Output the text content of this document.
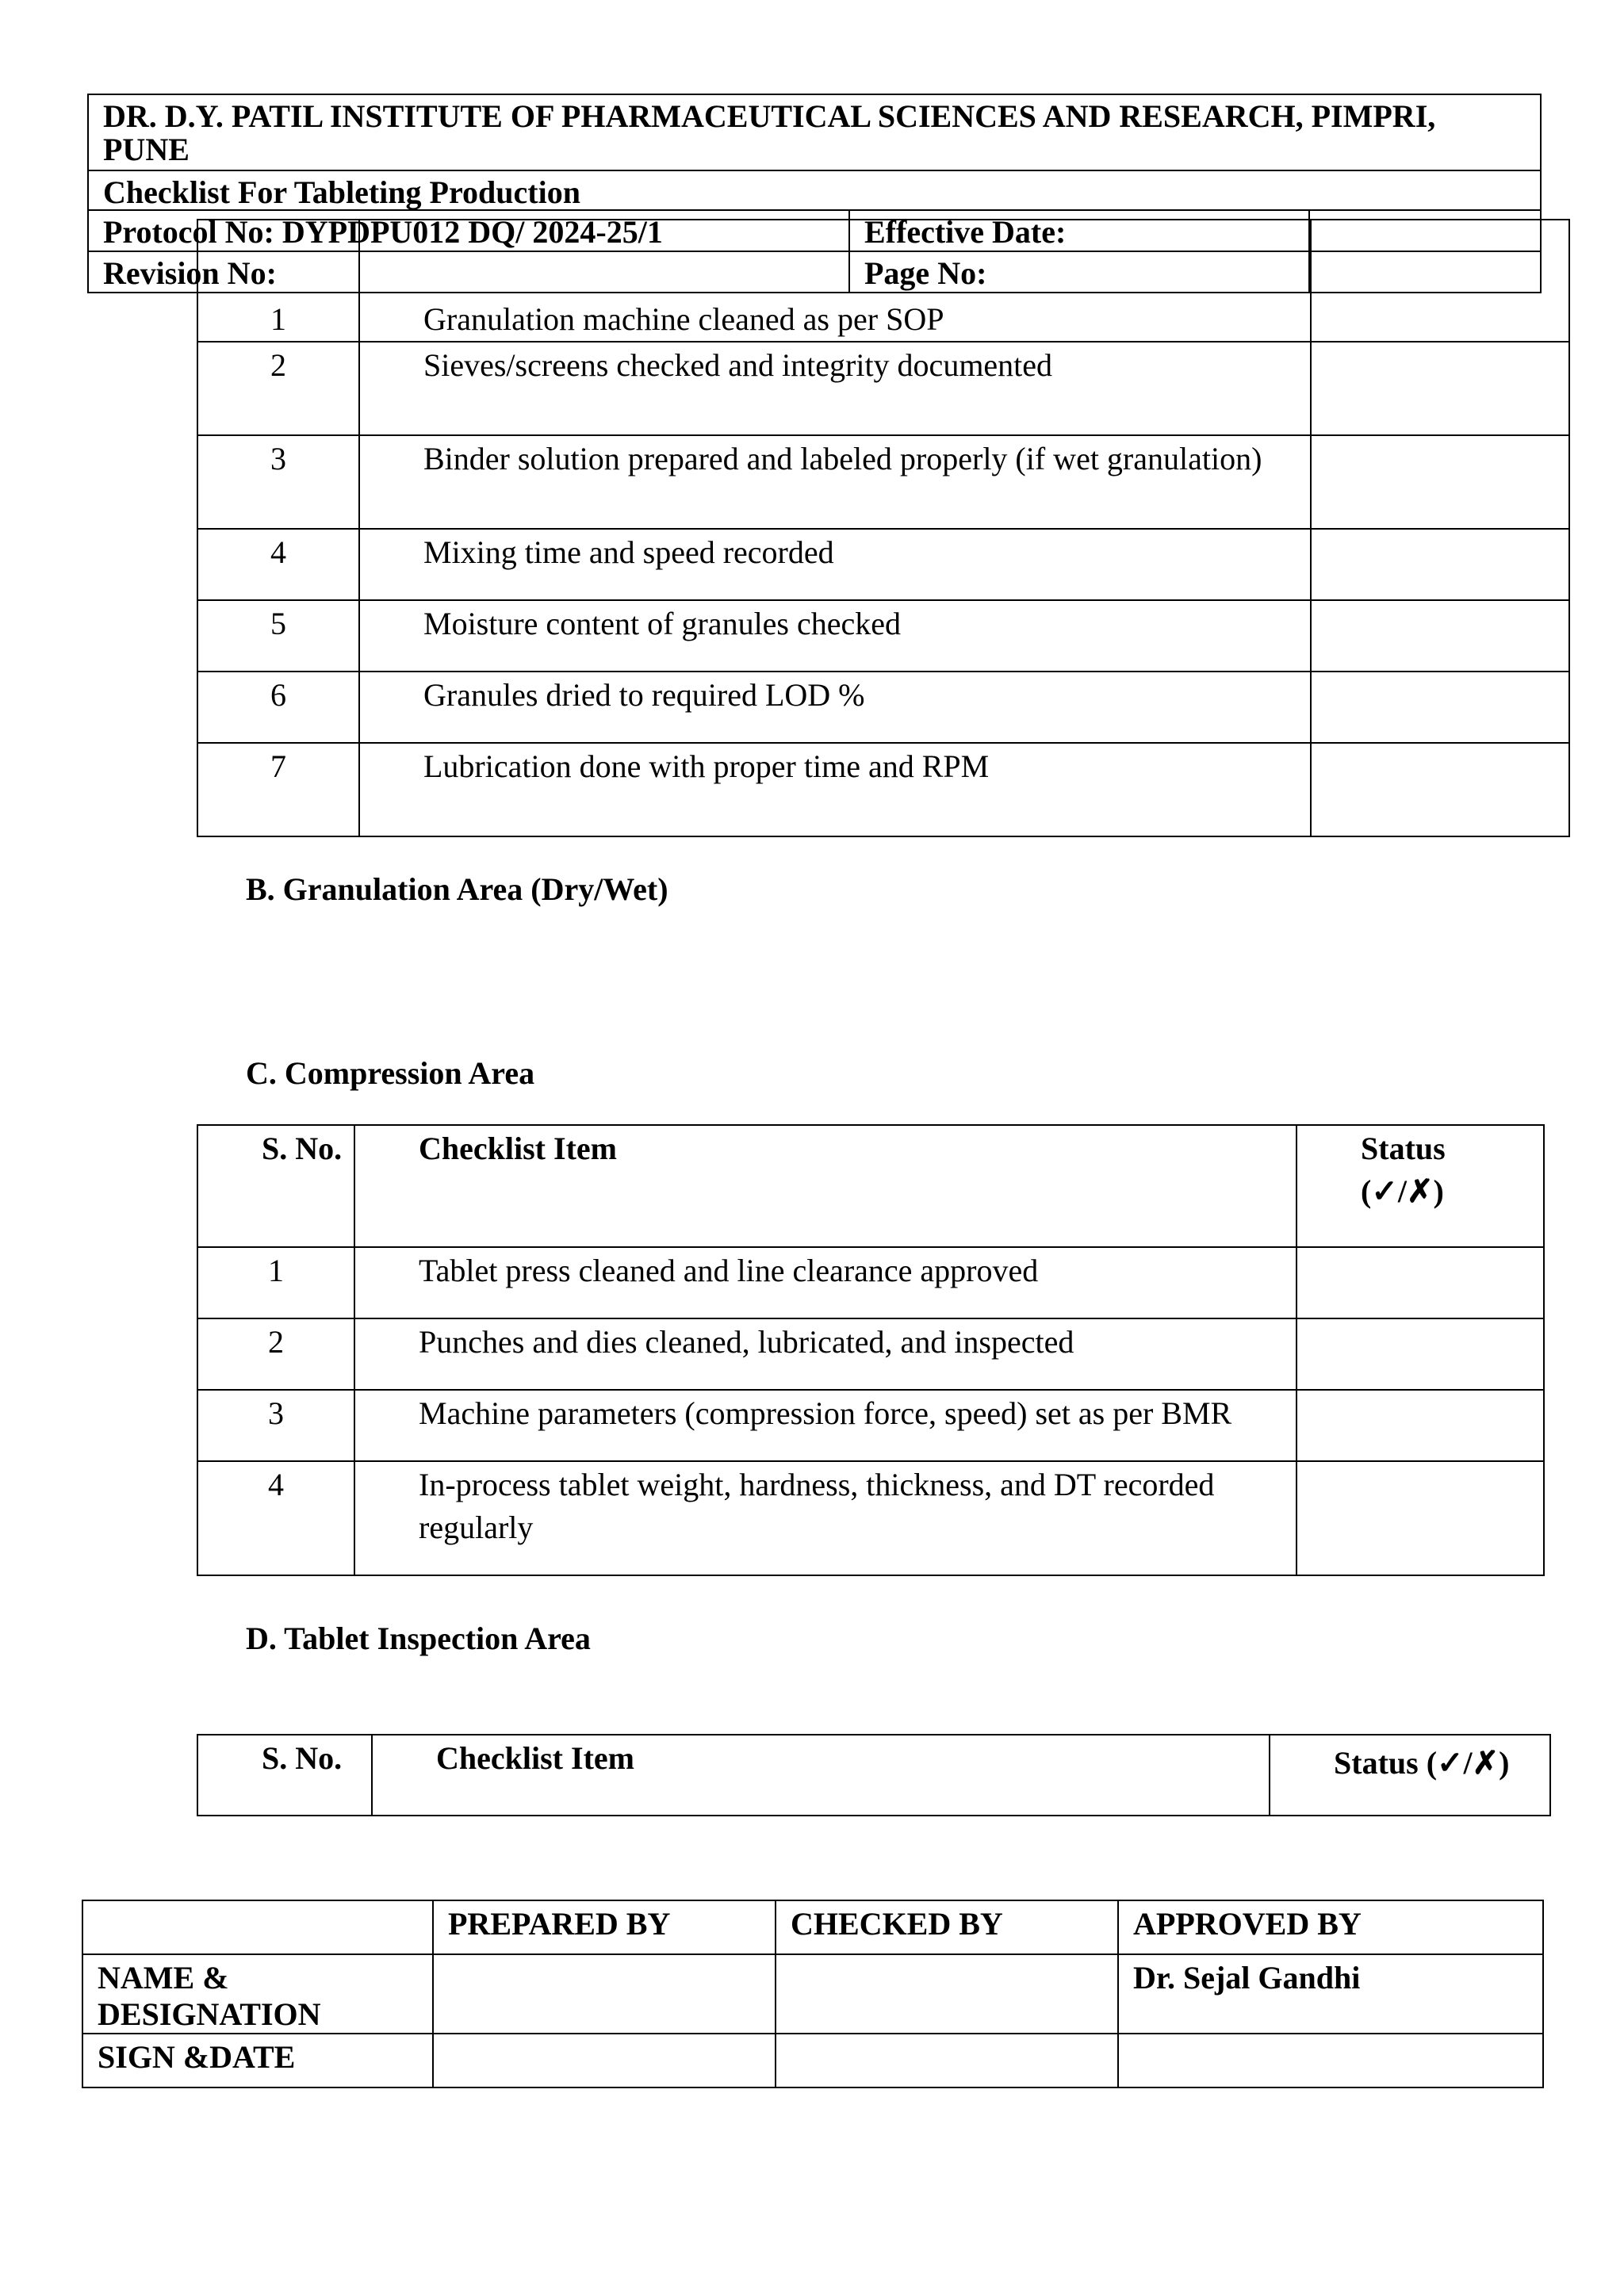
1	Granulation machine cleaned as per SOP	
2	Sieves/screens checked and integrity documented	
3	Binder solution prepared and labeled properly (if wet granulation)	
4	Mixing time and speed recorded	
5	Moisture content of granules checked	
6	Granules dried to required LOD %	
7	Lubrication done with proper time and RPM	
DR. D.Y. PATIL INSTITUTE OF PHARMACEUTICAL SCIENCES AND RESEARCH, PIMPRI, PUNE		
Checklist For Tableting Production		
Protocol No: DYPDPU012 DQ/ 2024-25/1	Effective Date:	
Revision No:	Page No:	
B. Granulation Area (Dry/Wet)
C. Compression Area
D. Tablet Inspection Area
S. No.	Checklist Item	Status (✓/✗)
1	Tablet press cleaned and line clearance approved	
2	Punches and dies cleaned, lubricated, and inspected	
3	Machine parameters (compression force, speed) set as per BMR	
4	In-process tablet weight, hardness, thickness, and DT recorded regularly	
S. No.	Checklist Item	Status (✓/✗)
	PREPARED BY	CHECKED BY	APPROVED BY
NAME & DESIGNATION			Dr. Sejal Gandhi
SIGN &DATE			
